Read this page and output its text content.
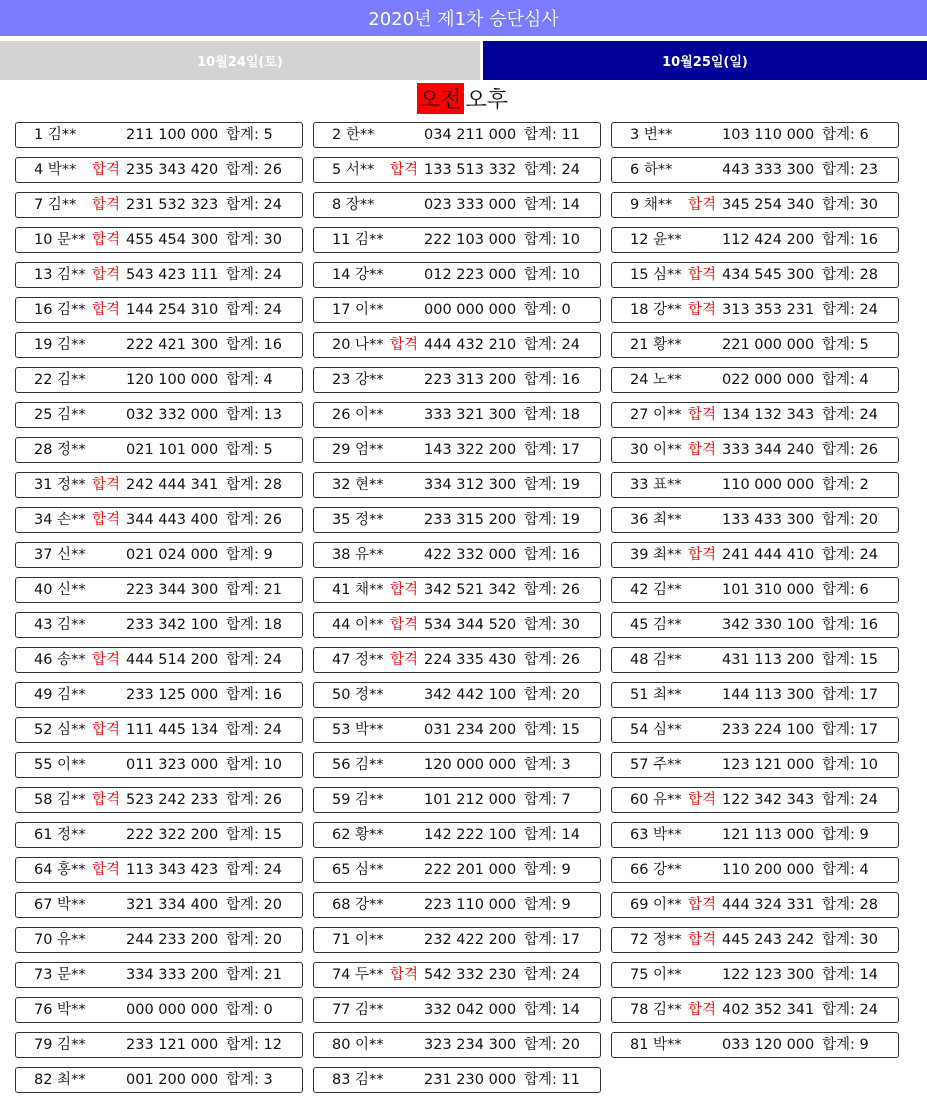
2020년 제1차 승단심사
10월24일(토)	10월25일(일)
오전 오후
1 김**	211 100 000 합계: 5	2 한**	034 211 000 합계: 11	3 변**	103 110 000 합계: 6
4 박** 합격 235 343 420 합계: 26	5 서** 합격 133 513 332 합계: 24	6 하**	443 333 300 합계: 23
7 김** 합격 231 532 323 합계: 24	8 장**	023 333 000 합계: 14	9 채** 합격 345 254 340 합계: 30
10 문** 합격 455 454 300 합계: 30	11 김**	222 103 000 합계: 10	12 윤**	112 424 200 합계: 16
13 김** 합격 543 423 111 합계: 24	14 강**	012 223 000 합계: 10	15 심** 합격 434 545 300 합계: 28
16 김** 합격 144 254 310 합계: 24	17 이**	000 000 000 합계: 0	18 강** 합격 313 353 231 합계: 24
19 김**	222 421 300 합계: 16	20 나** 합격 444 432 210 합계: 24	21 황**	221 000 000 합계: 5
22 김**	120 100 000 합계: 4	23 강**	223 313 200 합계: 16	24 노**	022 000 000 합계: 4
25 김**	032 332 000 합계: 13	26 이**	333 321 300 합계: 18	27 이** 합격 134 132 343 합계: 24
28 정**	021 101 000 합계: 5	29 엄**	143 322 200 합계: 17	30 이** 합격 333 344 240 합계: 26
31 정** 합격 242 444 341 합계: 28	32 현**	334 312 300 합계: 19	33 표**	110 000 000 합계: 2
34 손** 합격 344 443 400 합계: 26	35 정**	233 315 200 합계: 19	36 최**	133 433 300 합계: 20
37 신**	021 024 000 합계: 9	38 유**	422 332 000 합계: 16	39 최** 합격 241 444 410 합계: 24
40 신**	223 344 300 합계: 21	41 채** 합격 342 521 342 합계: 26	42 김**	101 310 000 합계: 6
43 김**	233 342 100 합계: 18	44 이** 합격 534 344 520 합계: 30	45 김**	342 330 100 합계: 16
46 송** 합격 444 514 200 합계: 24	47 정** 합격 224 335 430 합계: 26	48 김**	431 113 200 합계: 15
49 김**	233 125 000 합계: 16	50 정**	342 442 100 합계: 20	51 최**	144 113 300 합계: 17
52 심** 합격 111 445 134 합계: 24	53 박**	031 234 200 합계: 15	54 심**	233 224 100 합계: 17
55 이**	011 323 000 합계: 10	56 김**	120 000 000 합계: 3	57 주**	123 121 000 합계: 10
58 김** 합격 523 242 233 합계: 26	59 김**	101 212 000 합계: 7	60 유** 합격 122 342 343 합계: 24
61 정**	222 322 200 합계: 15	62 황**	142 222 100 합계: 14	63 박**	121 113 000 합계: 9
64 홍** 합격 113 343 423 합계: 24	65 심**	222 201 000 합계: 9	66 강**	110 200 000 합계: 4
67 박**	321 334 400 합계: 20	68 강**	223 110 000 합계: 9	69 이** 합격 444 324 331 합계: 28
70 유**	244 233 200 합계: 20	71 이**	232 422 200 합계: 17	72 정** 합격 445 243 242 합계: 30
73 문**	334 333 200 합계: 21	74 두** 합격 542 332 230 합계: 24	75 이**	122 123 300 합계: 14
76 박**	000 000 000 합계: 0	77 김**	332 042 000 합계: 14	78 김** 합격 402 352 341 합계: 24
79 김**	233 121 000 합계: 12	80 이**	323 234 300 합계: 20	81 박**	033 120 000 합계: 9
82 최**	001 200 000 합계: 3	83 김**	231 230 000 합계: 11
